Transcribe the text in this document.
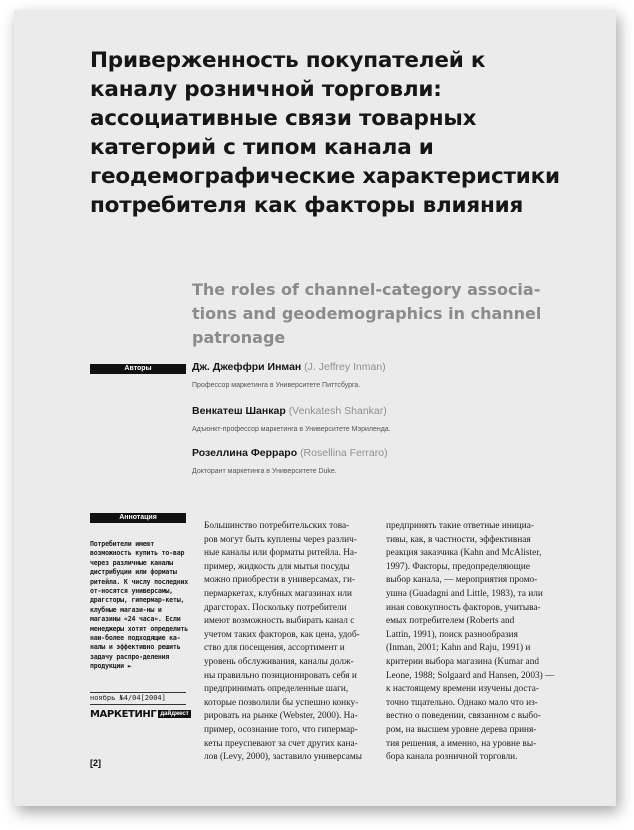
Приверженность покупателей к каналу розничной торговли: ассоциативные связи товарных категорий с типом канала и геодемографические характеристики потребителя как факторы влияния

The roles of channel-category associa-tions and geodemographics in channel patronage

Авторы	Дж. Джеффри Инман (J. Jeffrey Inman)
Профессор маркетинга в Университете Питтсбурга.
Венкатеш Шанкар (Venkatesh Shankar)
Адъюнкт-профессор маркетинга в Университете Мэриленда.
Розеллина Ферраро (Rosellina Ferraro)
Докторант маркетинга в Университете Duke.
Аннотация

Потребители имеют возможность купить то-вар через различные каналы дистрибуции или форматы ритейла. К числу последних от-носятся универсамы, драгсторы, гипермар-кеты, клубные магази-ны и магазины «24 часа». Если менеджеры хотят определить наи-более подходящие ка-налы и эффективно решить задачу распро-деления продукции ►

ноябрь №4/04[2004]
МАРКЕТИНГ дайджест
[2]

Большинство потребительских това-
ров могут быть куплены через различ-
ные каналы или форматы ритейла. На-
пример, жидкость для мытья посуды
можно приобрести в универсамах, ги-
пермаркетах, клубных магазинах или
драгсторах. Поскольку потребители
имеют возможность выбирать канал с
учетом таких факторов, как цена, удоб-
ство для посещения, ассортимент и
уровень обслуживания, каналы долж-
ны правильно позиционировать себя и
предпринимать определенные шаги,
которые позволили бы успешно конку-
рировать на рынке (Webster, 2000). На-
пример, осознание того, что гипермар-
кеты преуспевают за счет других кана-
лов (Levy, 2000), заставило универсамы

предпринять такие ответные инициа-
тивы, как, в частности, эффективная
реакция заказчика (Kahn and McAlister,
1997). Факторы, предопределяющие
выбор канала, — мероприятия промо-
ушна (Guadagni and Little, 1983), та или
иная совокупность факторов, учитыва-
емых потребителем (Roberts and
Lattin, 1991), поиск разнообразия
(Inman, 2001; Kahn and Raju, 1991) и
критерии выбора магазина (Kumar and
Leone, 1988; Solgaard and Hansen, 2003) —
к настоящему времени изучены доста-
точно тщательно. Однако мало что из-
вестно о поведении, связанном с выбо-
ром, на высшем уровне дерева приня-
тия решения, а именно, на уровне вы-
бора канала розничной торговли.
